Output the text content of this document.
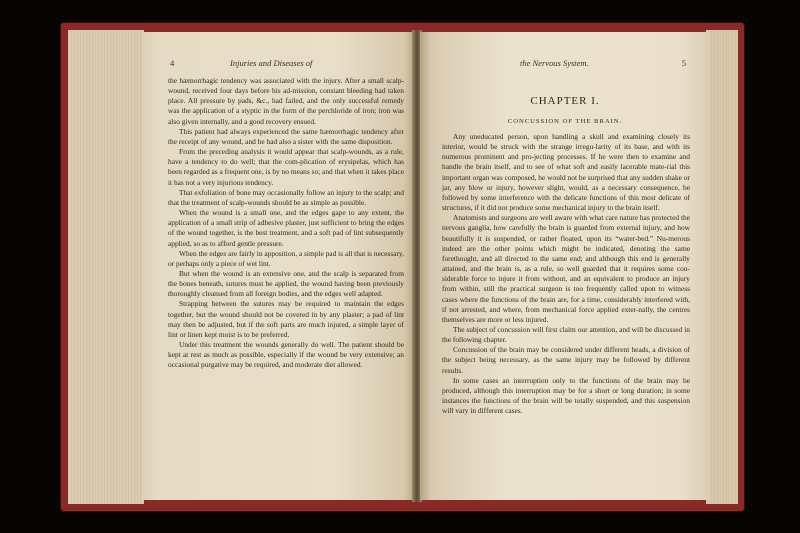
4	Injuries and Diseases of

the hæmorrhagic tendency was associated with the injury. After a small scalp-wound, received four days before his ad-mission, constant bleeding had taken place. All pressure by pads, &c., had failed, and the only successful remedy was the application of a styptic in the form of the perchloride of iron; iron was also given internally, and a good recovery ensued.

This patient had always experienced the same hæmorrhagic tendency after the receipt of any wound, and he had also a sister with the same disposition.

From the preceding analysis it would appear that scalp-wounds, as a rule, have a tendency to do well; that the com-plication of erysipelas, which has been regarded as a frequent one, is by no means so; and that when it takes place it has not a very injurious tendency.

That exfoliation of bone may occasionally follow an injury to the scalp; and that the treatment of scalp-wounds should be as simple as possible.

When the wound is a small one, and the edges gape to any extent, the application of a small strip of adhesive plaster, just sufficient to bring the edges of the wound together, is the best treatment, and a soft pad of lint subsequently applied, so as to afford gentle pressure.

When the edges are fairly in apposition, a simple pad is all that is necessary, or perhaps only a piece of wet lint.

But when the wound is an extensive one, and the scalp is separated from the bones beneath, sutures must be applied, the wound having been previously thoroughly cleansed from all foreign bodies, and the edges well adapted.

Strapping between the sutures may be required to maintain the edges together, but the wound should not be covered in by any plaster; a pad of lint may then be adjusted, but if the soft parts are much injured, a simple layer of lint or linen kept moist is to be preferred.

Under this treatment the wounds generally do well. The patient should be kept at rest as much as possible, especially if the wound be very extensive; an occasional purgative may be required, and moderate diet allowed.

the Nervous System.	5
CHAPTER I.
CONCUSSION OF THE BRAIN.

Any uneducated person, upon handling a skull and examining closely its interior, would be struck with the strange irregu-larity of its base, and with its numerous prominent and pro-jecting processes. If he were then to examine and handle the brain itself, and to see of what soft and easily lacerable mate-rial this important organ was composed, he would not be surprised that any sudden shake or jar, any blow or injury, however slight, would, as a necessary consequence, be followed by some interference with the delicate functions of this most delicate of structures, if it did not produce some mechanical injury to the brain itself.

Anatomists and surgeons are well aware with what care nature has protected the nervous ganglia, how carefully the brain is guarded from external injury, and how beautifully it is suspended, or rather floated, upon its “water-bed.” Nu-merous indeed are the other points which might be indicated, denoting the same forethought, and all directed to the same end; and although this end is generally attained, and the brain is, as a rule, so well guarded that it requires some con-siderable force to injure it from without, and an equivalent to produce an injury from within, still the practical surgeon is too frequently called upon to witness cases where the functions of the brain are, for a time, considerably interfered with, if not arrested, and where, from mechanical force applied exter-nally, the centres themselves are more or less injured.

The subject of concussion will first claim our attention, and will be discussed in the following chapter.

Concussion of the brain may be considered under different heads, a division of the subject being necessary, as the same injury may be followed by different results.

In some cases an interruption only to the functions of the brain may be produced, although this interruption may be for a short or long duration; in some instances the functions of the brain will be totally suspended, and this suspension will vary in different cases.
